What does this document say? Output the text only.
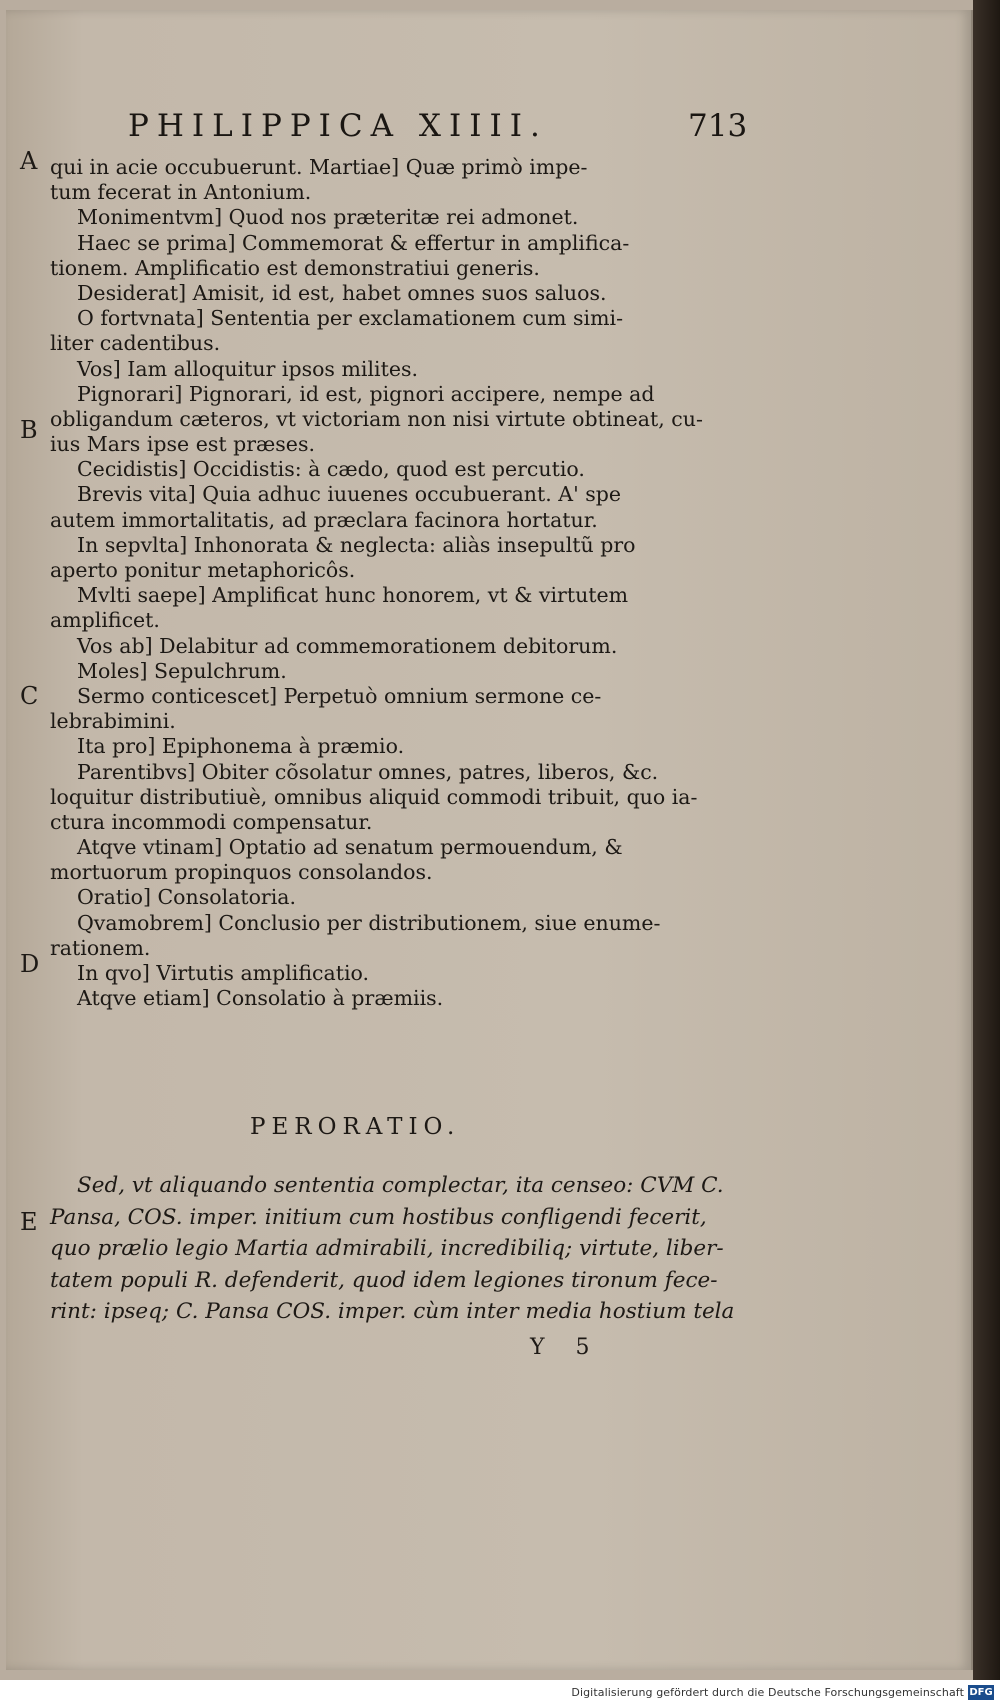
PHILIPPICA XIIII.	713
A
B
C
D
E
qui in acie occubuerunt. Martiae] Quæ primò impe-
tum fecerat in Antonium.
Monimentvm] Quod nos præteritæ rei admonet.
Haec se prima] Commemorat & effertur in amplifica-
tionem. Amplificatio est demonstratiui generis.
Desiderat] Amisit, id est, habet omnes suos saluos.
O fortvnata] Sententia per exclamationem cum simi-
liter cadentibus.
Vos] Iam alloquitur ipsos milites.
Pignorari] Pignorari, id est, pignori accipere, nempe ad
obligandum cæteros, vt victoriam non nisi virtute obtineat, cu-
ius Mars ipse est præses.
Cecidistis] Occidistis: à cædo, quod est percutio.
Brevis vita] Quia adhuc iuuenes occubuerant. A' spe
autem immortalitatis, ad præclara facinora hortatur.
In sepvlta] Inhonorata & neglecta: aliàs insepultũ pro
aperto ponitur metaphoricôs.
Mvlti saepe] Amplificat hunc honorem, vt & virtutem
amplificet.
Vos ab] Delabitur ad commemorationem debitorum.
Moles] Sepulchrum.
Sermo conticescet] Perpetuò omnium sermone ce-
lebrabimini.
Ita pro] Epiphonema à præmio.
Parentibvs] Obiter cõsolatur omnes, patres, liberos, &c.
loquitur distributiuè, omnibus aliquid commodi tribuit, quo ia-
ctura incommodi compensatur.
Atqve vtinam] Optatio ad senatum permouendum, &
mortuorum propinquos consolandos.
Oratio] Consolatoria.
Qvamobrem] Conclusio per distributionem, siue enume-
rationem.
In qvo] Virtutis amplificatio.
Atqve etiam] Consolatio à præmiis.
PERORATIO.
Sed, vt aliquando sententia complectar, ita censeo: CVM C.
Pansa, COS. imper. initium cum hostibus confligendi fecerit,
quo prælio legio Martia admirabili, incredibiliq; virtute, liber-
tatem populi R. defenderit, quod idem legiones tironum fece-
rint: ipseq; C. Pansa COS. imper. cùm inter media hostium tela
Y 5
Digitalisierung gefördert durch die Deutsche Forschungsgemeinschaft DFG
